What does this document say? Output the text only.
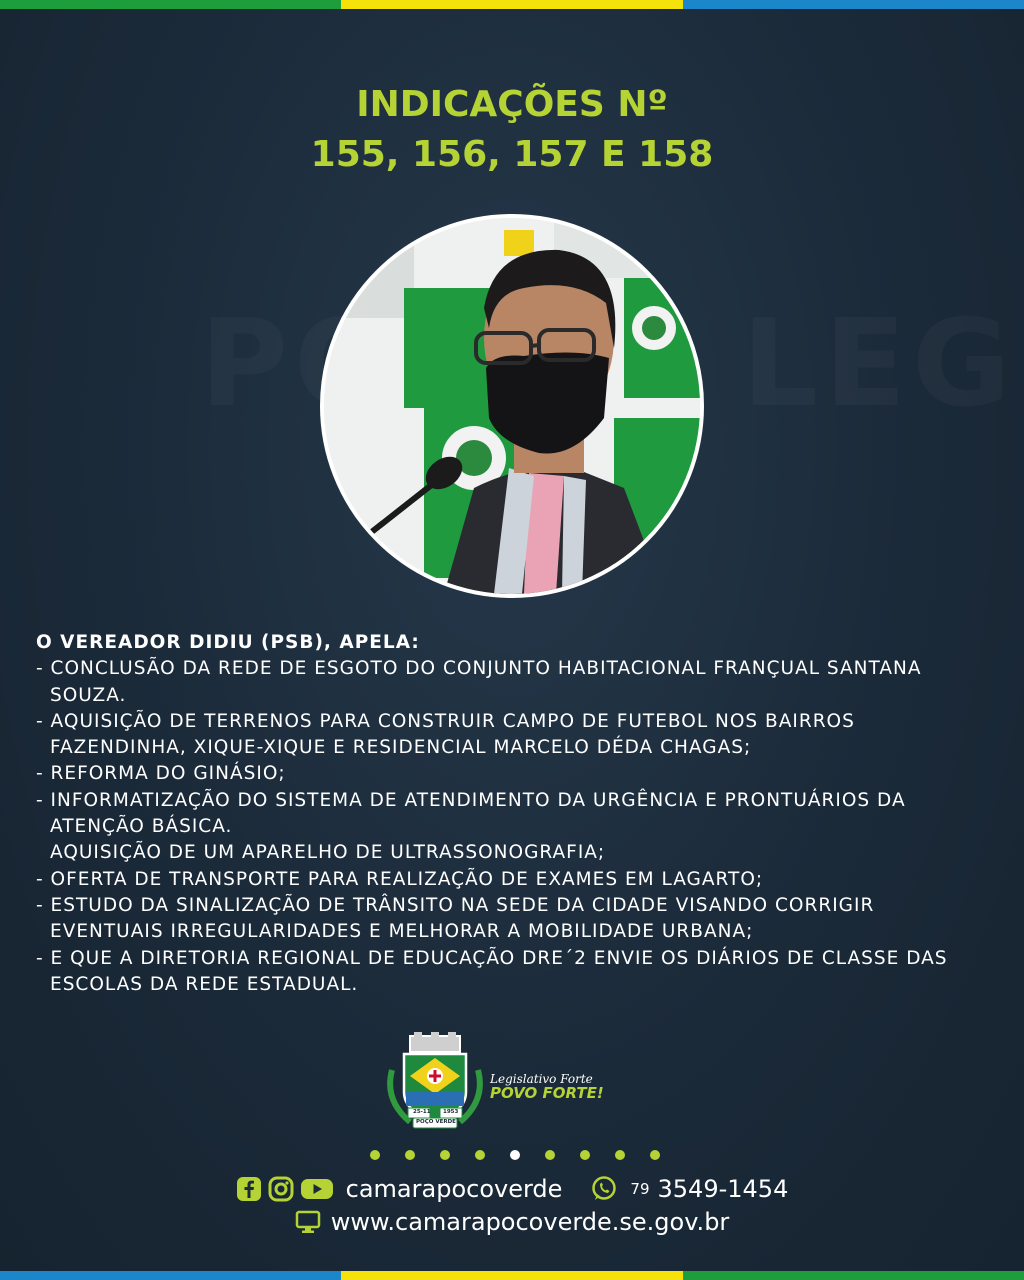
INDICAÇÕES Nº
155, 156, 157 E 158
O VEREADOR DIDIU (PSB), APELA:
- CONCLUSÃO DA REDE DE ESGOTO DO CONJUNTO HABITACIONAL FRANÇUAL SANTANA
SOUZA.
- AQUISIÇÃO DE TERRENOS PARA CONSTRUIR CAMPO DE FUTEBOL NOS BAIRROS
FAZENDINHA, XIQUE-XIQUE E RESIDENCIAL MARCELO DÉDA CHAGAS;
- REFORMA DO GINÁSIO;
- INFORMATIZAÇÃO DO SISTEMA DE ATENDIMENTO DA URGÊNCIA E PRONTUÁRIOS DA
ATENÇÃO BÁSICA.
AQUISIÇÃO DE UM APARELHO DE ULTRASSONOGRAFIA;
- OFERTA DE TRANSPORTE PARA REALIZAÇÃO DE EXAMES EM LAGARTO;
- ESTUDO DA SINALIZAÇÃO DE TRÂNSITO NA SEDE DA CIDADE VISANDO CORRIGIR
EVENTUAIS IRREGULARIDADES E MELHORAR A MOBILIDADE URBANA;
- E QUE A DIRETORIA REGIONAL DE EDUCAÇÃO DRE´2 ENVIE OS DIÁRIOS DE CLASSE DAS
ESCOLAS DA REDE ESTADUAL.
25-11 1953
POÇO VERDE
Legislativo Forte
POVO FORTE!
camarapocoverde	79 3549-1454
www.camarapocoverde.se.gov.br
